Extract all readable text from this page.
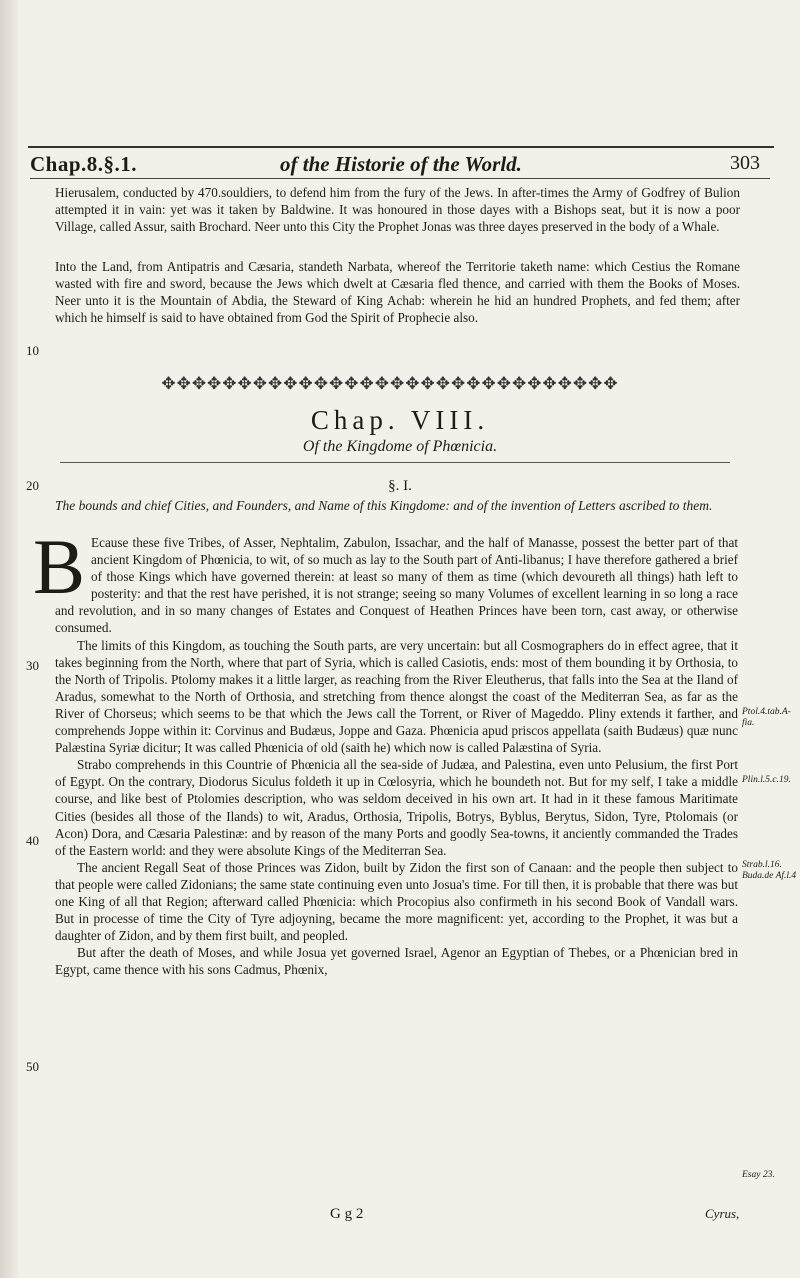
Chap.8.§.1.	of the Historie of the World.	303
Hierusalem, conducted by 470.souldiers, to defend him from the fury of the Jews. In after-times the Army of Godfrey of Bulion attempted it in vain: yet was it taken by Baldwine. It was honoured in those dayes with a Bishops seat, but it is now a poor Village, called Assur, saith Brochard. Neer unto this City the Prophet Jonas was three dayes preserved in the body of a Whale.
Into the Land, from Antipatris and Cæsaria, standeth Narbata, whereof the Territorie taketh name: which Cestius the Romane wasted with fire and sword, because the Jews which dwelt at Cæsaria fled thence, and carried with them the Books of Moses. Neer unto it is the Mountain of Abdia, the Steward of King Achab: wherein he hid an hundred Prophets, and fed them; after which he himself is said to have obtained from God the Spirit of Prophecie also.
10
✥✥✥✥✥✥✥✥✥✥✥✥✥✥✥✥✥✥✥✥✥✥✥✥✥✥✥✥✥✥
Chap. VIII.
Of the Kingdome of Phœnicia.
20	§. I.
The bounds and chief Cities, and Founders, and Name of this Kingdome: and of the invention of Letters ascribed to them.

B Ecause these five Tribes, of Asser, Nephtalim, Zabulon, Issachar, and the half of Manasse, possest the better part of that ancient Kingdom of Phœnicia, to wit, of so much as lay to the South part of Anti-libanus; I have therefore gathered a brief of those Kings which have governed therein: at least so many of them as time (which devoureth all things) hath left to posterity: and that the rest have perished, it is not strange; seeing so many Volumes of excellent learning in so long a race and revolution, and in so many changes of Estates and Conquest of Heathen Princes have been torn, cast away, or otherwise consumed.

The limits of this Kingdom, as touching the South parts, are very uncertain: but all Cosmographers do in effect agree, that it takes beginning from the North, where that part of Syria, which is called Casiotis, ends: most of them bounding it by Orthosia, to the North of Tripolis. Ptolomy makes it a little larger, as reaching from the River Eleutherus, that falls into the Sea at the Iland of Aradus, somewhat to the North of Orthosia, and stretching from thence alongst the coast of the Mediterran Sea, as far as the River of Chorseus; which seems to be that which the Jews call the Torrent, or River of Mageddo. Pliny extends it farther, and comprehends Joppe within it: Corvinus and Budæus, Joppe and Gaza. Phœnicia apud priscos appellata (saith Budæus) quæ nunc Palæstina Syriæ dicitur; It was called Phœnicia of old (saith he) which now is called Palæstina of Syria.

Strabo comprehends in this Countrie of Phœnicia all the sea-side of Judæa, and Palestina, even unto Pelusium, the first Port of Egypt. On the contrary, Diodorus Siculus foldeth it up in Cœlosyria, which he boundeth not. But for my self, I take a middle course, and like best of Ptolomies description, who was seldom deceived in his own art. It had in it these famous Maritimate Cities (besides all those of the Ilands) to wit, Aradus, Orthosia, Tripolis, Botrys, Byblus, Berytus, Sidon, Tyre, Ptolomais (or Acon) Dora, and Cæsaria Palestinæ: and by reason of the many Ports and goodly Sea-towns, it anciently commanded the Trades of the Eastern world: and they were absolute Kings of the Mediterran Sea.

The ancient Regall Seat of those Princes was Zidon, built by Zidon the first son of Canaan: and the people then subject to that people were called Zidonians; the same state continuing even unto Josua's time. For till then, it is probable that there was but one King of all that Region; afterward called Phœnicia: which Procopius also confirmeth in his second Book of Vandall wars. But in processe of time the City of Tyre adjoyning, became the more magnificent: yet, according to the Prophet, it was but a daughter of Zidon, and by them first built, and peopled.

But after the death of Moses, and while Josua yet governed Israel, Agenor an Egyptian of Thebes, or a Phœnician bred in Egypt, came thence with his sons Cadmus, Phœnix,

30
40
50
Ptol.4.tab.A-fia.
Plin.l.5.c.19.
Strab.l.16. Buda.de Af.l.4
Esay 23.
G g 2	Cyrus,
